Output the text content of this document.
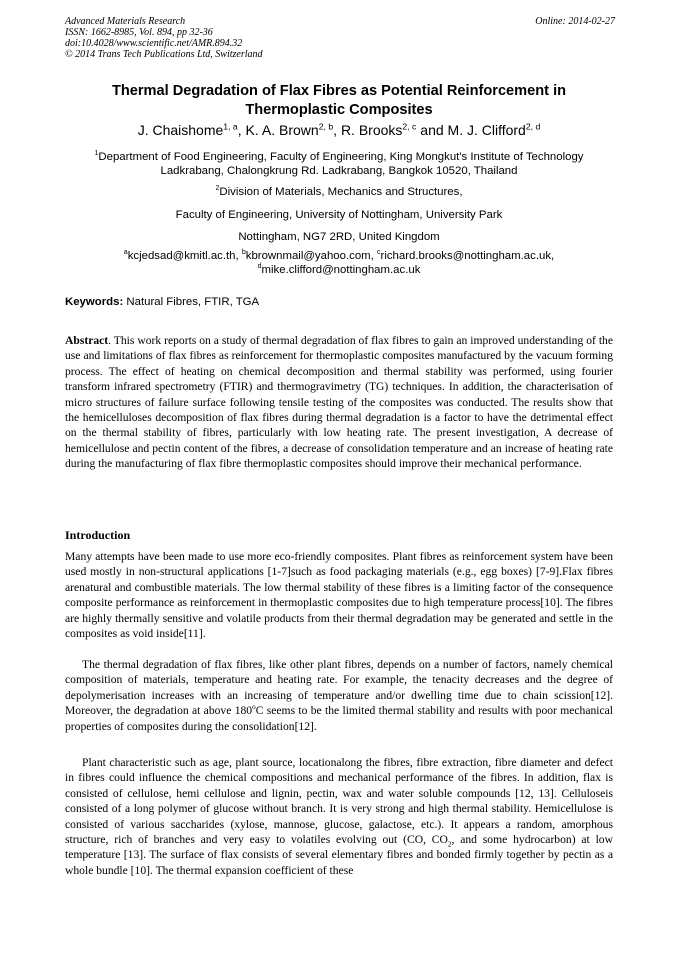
Advanced Materials Research
ISSN: 1662-8985, Vol. 894, pp 32-36
doi:10.4028/www.scientific.net/AMR.894.32
© 2014 Trans Tech Publications Ltd, Switzerland
Online: 2014-02-27
Thermal Degradation of Flax Fibres as Potential Reinforcement in
Thermoplastic Composites
J. Chaishome$^{1, a}$, K. A. Brown$^{2, b}$, R. Brooks$^{2, c}$ and M. J. Clifford$^{2, d}$
$^1$Department of Food Engineering, Faculty of Engineering, King Mongkut's Institute of Technology
Ladkrabang, Chalongkrung Rd. Ladkrabang, Bangkok 10520, Thailand
$^2$Division of Materials, Mechanics and Structures,
Faculty of Engineering, University of Nottingham, University Park
Nottingham, NG7 2RD, United Kingdom
$^a$kcjedsad@kmitl.ac.th, $^b$kbrownmail@yahoo.com, $^c$richard.brooks@nottingham.ac.uk,
$^d$mike.clifford@nottingham.ac.uk
Keywords: Natural Fibres, FTIR, TGA

Abstract. This work reports on a study of thermal degradation of flax fibres to gain an improved understanding of the use and limitations of flax fibres as reinforcement for thermoplastic composites manufactured by the vacuum forming process. The effect of heating on chemical decomposition and thermal stability was performed, using fourier transform infrared spectrometry (FTIR) and thermogravimetry (TG) techniques. In addition, the characterisation of micro structures of failure surface following tensile testing of the composites was conducted. The results show that the hemicelluloses decomposition of flax fibres during thermal degradation is a factor to have the detrimental effect on the thermal stability of fibres, particularly with low heating rate. The present investigation, A decrease of hemicellulose and pectin content of the fibres, a decrease of consolidation temperature and an increase of heating rate during the manufacturing of flax fibre thermoplastic composites should improve their mechanical performance.

Introduction

Many attempts have been made to use more eco-friendly composites. Plant fibres as reinforcement system have been used mostly in non-structural applications [1-7]such as food packaging materials (e.g., egg boxes) [7-9].Flax fibres arenatural and combustible materials. The low thermal stability of these fibres is a limiting factor of the consequence composite performance as reinforcement in thermoplastic composites due to high temperature process[10]. The fibres are highly thermally sensitive and volatile products from their thermal degradation may be generated and settle in the composites as void inside[11].

The thermal degradation of flax fibres, like other plant fibres, depends on a number of factors, namely chemical composition of materials, temperature and heating rate. For example, the tenacity decreases and the degree of depolymerisation increases with an increasing of temperature and/or dwelling time due to chain scission[12]. Moreover, the degradation at above 180$^o$C seems to be the limited thermal stability and results with poor mechanical properties of composites during the consolidation[12].

Plant characteristic such as age, plant source, locationalong the fibres, fibre extraction, fibre diameter and defect in fibres could influence the chemical compositions and mechanical performance of the fibres. In addition, flax is consisted of cellulose, hemi cellulose and lignin, pectin, wax and water soluble compounds [12, 13]. Celluloseis consisted of a long polymer of glucose without branch. It is very strong and high thermal stability. Hemicellulose is consisted of various saccharides (xylose, mannose, glucose, galactose, etc.). It appears a random, amorphous structure, rich of branches and very easy to volatiles evolving out (CO, $CO_2$, and some hydrocarbon) at low temperature [13]. The surface of flax consists of several elementary fibres and bonded firmly together by pectin as a whole bundle [10]. The thermal expansion coefficient of these
